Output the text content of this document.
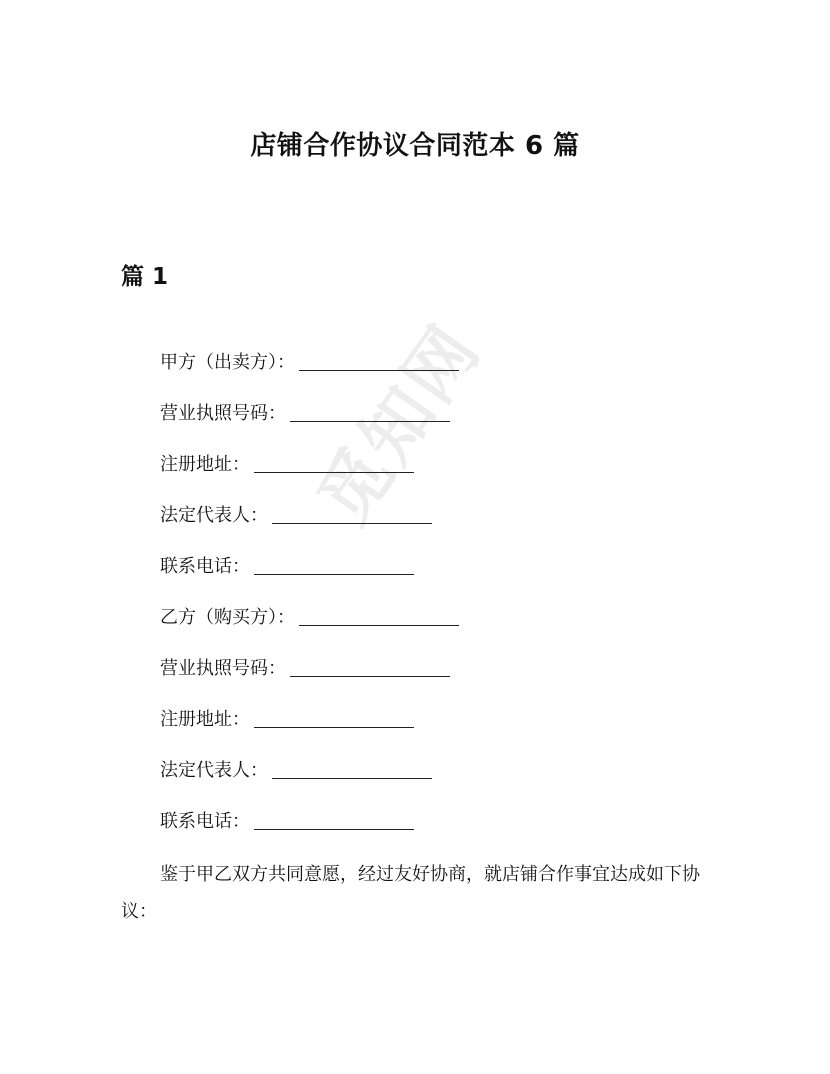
觅知网
店铺合作协议合同范本 6 篇
篇 1
甲方（出卖方）：
营业执照号码：
注册地址：
法定代表人：
联系电话：
乙方（购买方）：
营业执照号码：
注册地址：
法定代表人：
联系电话：

鉴于甲乙双方共同意愿，经过友好协商，就店铺合作事宜达成如下协议：
